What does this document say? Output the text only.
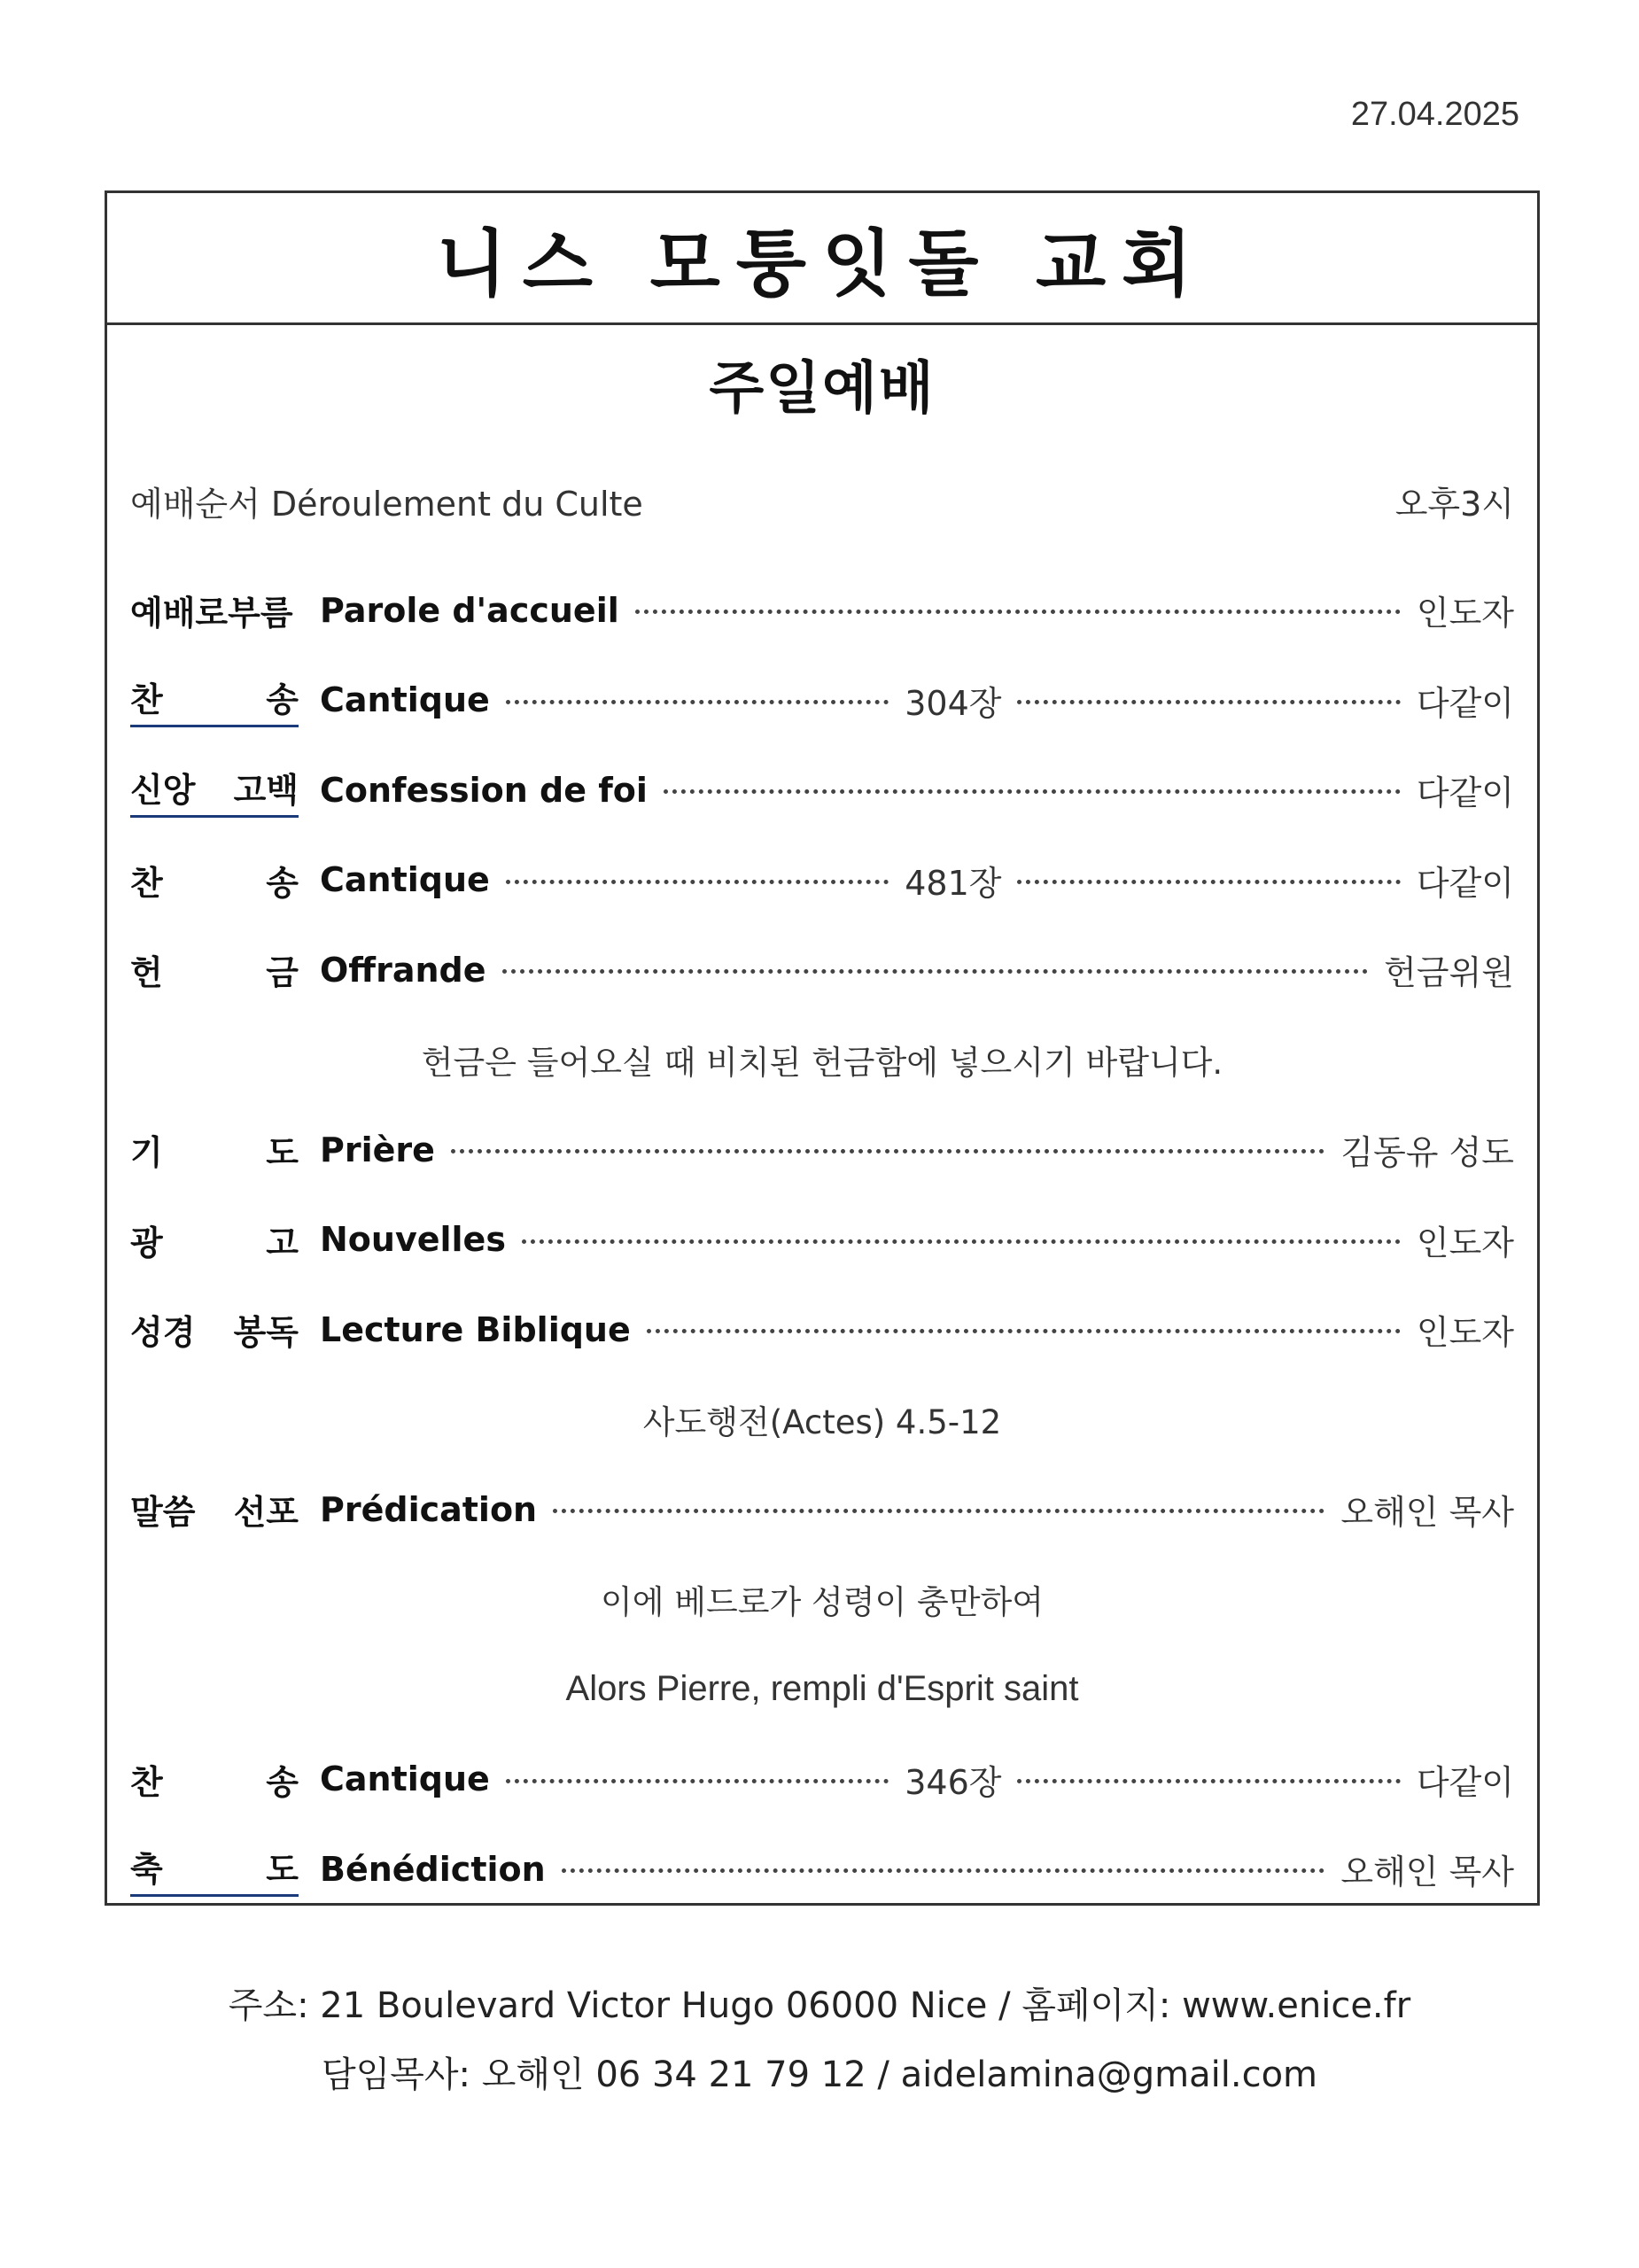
27.04.2025
니스 모퉁잇돌 교회
주일예배
예배순서 Déroulement du Culte	오후3시
예배로부름 Parole d'accueil	인도자
찬	송 Cantique	304장	다같이
신앙 고백 Confession de foi	다같이
찬	송 Cantique	481장	다같이
헌	금 Offrande	헌금위원
헌금은 들어오실 때 비치된 헌금함에 넣으시기 바랍니다.
기	도 Prière	김동유 성도
광	고 Nouvelles	인도자
성경 봉독 Lecture Biblique	인도자
사도행전(Actes) 4.5-12
말씀 선포 Prédication	오해인 목사
이에 베드로가 성령이 충만하여
Alors Pierre, rempli d'Esprit saint
찬	송 Cantique	346장	다같이
축	도 Bénédiction	오해인 목사
주소: 21 Boulevard Victor Hugo 06000 Nice / 홈페이지: www.enice.fr
담임목사: 오해인 06 34 21 79 12 / aidelamina@gmail.com
